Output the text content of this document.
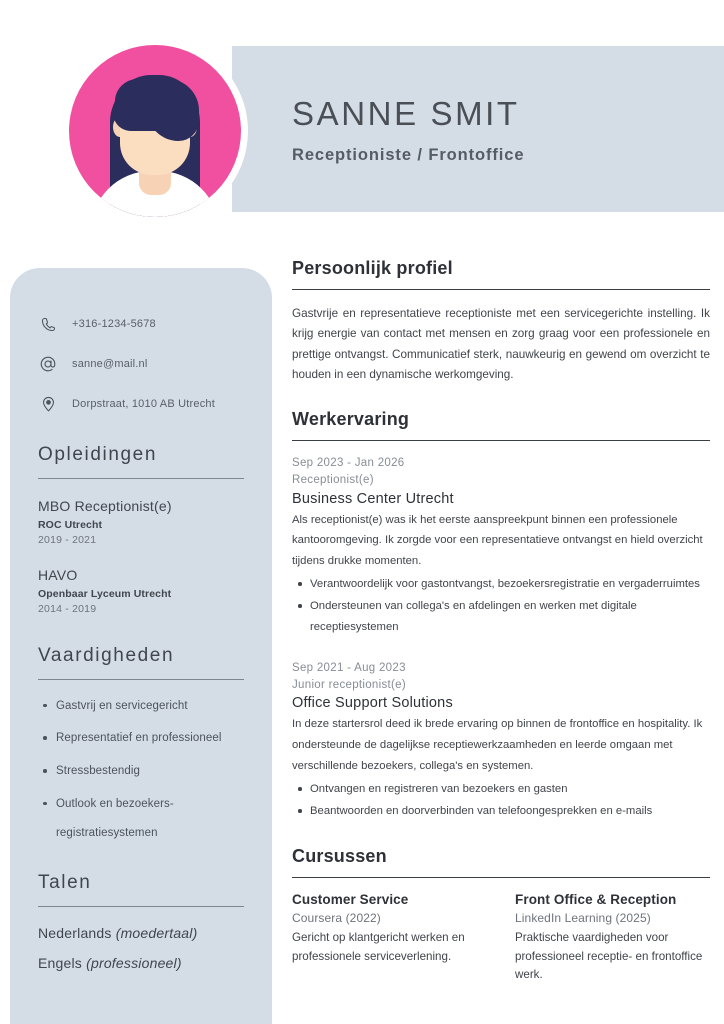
SANNE SMIT
Receptioniste / Frontoffice
+316-1234-5678
sanne@mail.nl
Dorpstraat, 1010 AB Utrecht
Opleidingen
MBO Receptionist(e)
ROC Utrecht
2019 - 2021
HAVO
Openbaar Lyceum Utrecht
2014 - 2019
Vaardigheden
Gastvrij en servicegericht
Representatief en professioneel
Stressbestendig
Outlook en bezoekers-
registratiesystemen
Talen
Nederlands (moedertaal)
Engels (professioneel)
Persoonlijk profiel
Gastvrije en representatieve receptioniste met een servicegerichte instelling. Ik krijg energie van contact met mensen en zorg graag voor een professionele en prettige ontvangst. Communicatief sterk, nauwkeurig en gewend om overzicht te houden in een dynamische werkomgeving.
Werkervaring
Sep 2023 - Jan 2026
Receptionist(e)
Business Center Utrecht
Als receptionist(e) was ik het eerste aanspreekpunt binnen een professionele kantooromgeving. Ik zorgde voor een representatieve ontvangst en hield overzicht tijdens drukke momenten.
Verantwoordelijk voor gastontvangst, bezoekersregistratie en vergaderruimtes
Ondersteunen van collega's en afdelingen en werken met digitale receptiesystemen
Sep 2021 - Aug 2023
Junior receptionist(e)
Office Support Solutions
In deze startersrol deed ik brede ervaring op binnen de frontoffice en hospitality. Ik ondersteunde de dagelijkse receptiewerkzaamheden en leerde omgaan met verschillende bezoekers, collega's en systemen.
Ontvangen en registreren van bezoekers en gasten
Beantwoorden en doorverbinden van telefoongesprekken en e-mails
Cursussen
Customer Service
Coursera (2022)
Gericht op klantgericht werken en professionele serviceverlening.
Front Office & Reception
LinkedIn Learning (2025)
Praktische vaardigheden voor professioneel receptie- en frontoffice werk.
